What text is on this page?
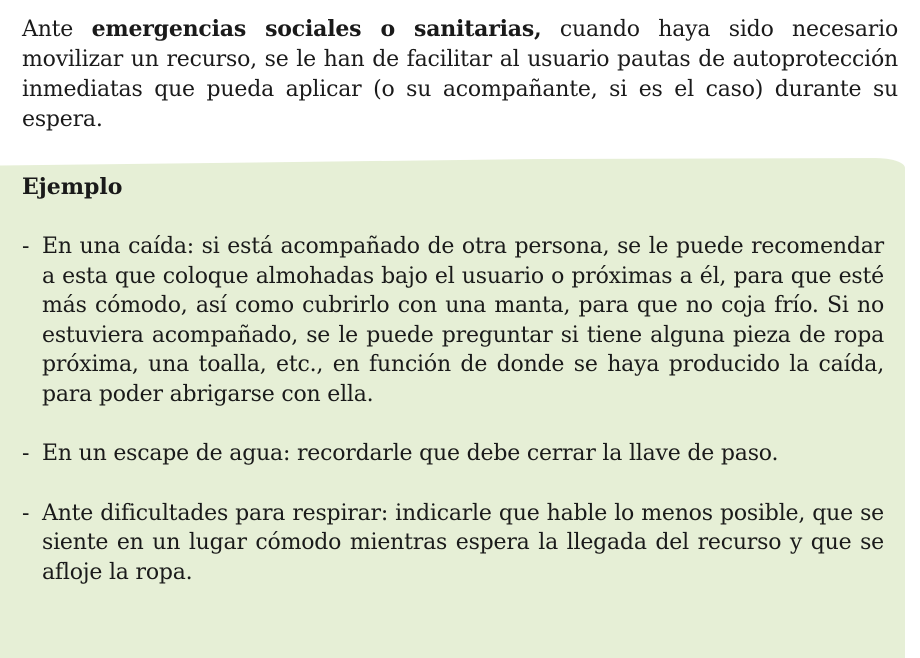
Ante emergencias sociales o sanitarias, cuando haya sido necesario movilizar un recurso, se le han de facilitar al usuario pautas de autoprotección inmediatas que pueda aplicar (o su acompañante, si es el caso) durante su espera.

Ejemplo
- En una caída: si está acompañado de otra persona, se le puede recomendar a esta que coloque almohadas bajo el usuario o próximas a él, para que esté más cómodo, así como cubrirlo con una manta, para que no coja frío. Si no estuviera acompañado, se le puede preguntar si tiene alguna pieza de ropa próxima, una toalla, etc., en función de donde se haya producido la caída, para poder abrigarse con ella.
- En un escape de agua: recordarle que debe cerrar la llave de paso.
- Ante dificultades para respirar: indicarle que hable lo menos posible, que se siente en un lugar cómodo mientras espera la llegada del recurso y que se afloje la ropa.
